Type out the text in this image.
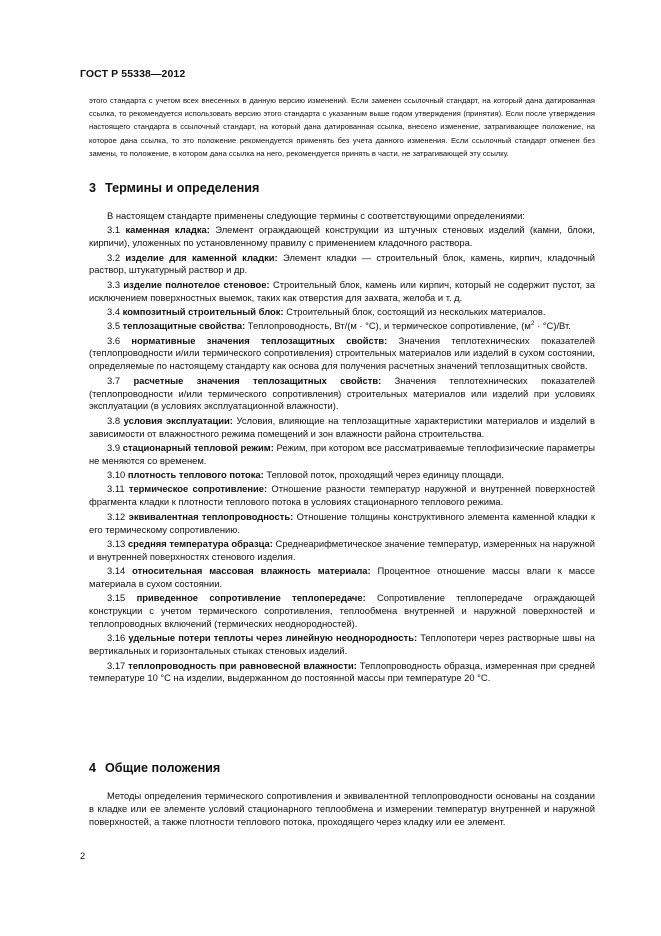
ГОСТ Р 55338—2012

этого стандарта с учетом всех внесенных в данную версию изменений. Если заменен ссылочный стандарт, на который дана датированная ссылка, то рекомендуется использовать версию этого стандарта с указанным выше годом утверждения (принятия). Если после утверждения настоящего стандарта в ссылочный стандарт, на который дана датированная ссылка, внесено изменение, затрагивающее положение, на которое дана ссылка, то это положение рекомендуется применять без учета данного изменения. Если ссылочный стандарт отменен без замены, то положение, в котором дана ссылка на него, рекомендуется принять в части, не затрагивающей эту ссылку.

3 Термины и определения

В настоящем стандарте применены следующие термины с соответствующими определениями:

3.1 каменная кладка: Элемент ограждающей конструкции из штучных стеновых изделий (камни, блоки, кирпичи), уложенных по установленному правилу с применением кладочного раствора.

3.2 изделие для каменной кладки: Элемент кладки — строительный блок, камень, кирпич, кладочный раствор, штукатурный раствор и др.

3.3 изделие полнотелое стеновое: Строительный блок, камень или кирпич, который не содержит пустот, за исключением поверхностных выемок, таких как отверстия для захвата, желоба и т. д.

3.4 композитный строительный блок: Строительный блок, состоящий из нескольких материалов.

3.5 теплозащитные свойства: Теплопроводность, Вт/(м · °С), и термическое сопротивление, $(м^2 \cdot ^\circ С)/Вт$.

3.6 нормативные значения теплозащитных свойств: Значения теплотехнических показателей (теплопроводности и/или термического сопротивления) строительных материалов или изделий в сухом состоянии, определяемые по настоящему стандарту как основа для получения расчетных значений теплозащитных свойств.

3.7 расчетные значения теплозащитных свойств: Значения теплотехнических показателей (теплопроводности и/или термического сопротивления) строительных материалов или изделий при условиях эксплуатации (в условиях эксплуатационной влажности).

3.8 условия эксплуатации: Условия, влияющие на теплозащитные характеристики материалов и изделий в зависимости от влажностного режима помещений и зон влажности района строительства.

3.9 стационарный тепловой режим: Режим, при котором все рассматриваемые теплофизические параметры не меняются со временем.

3.10 плотность теплового потока: Тепловой поток, проходящий через единицу площади.

3.11 термическое сопротивление: Отношение разности температур наружной и внутренней поверхностей фрагмента кладки к плотности теплового потока в условиях стационарного теплового режима.

3.12 эквивалентная теплопроводность: Отношение толщины конструктивного элемента каменной кладки к его термическому сопротивлению.

3.13 средняя температура образца: Среднеарифметическое значение температур, измеренных на наружной и внутренней поверхностях стенового изделия.

3.14 относительная массовая влажность материала: Процентное отношение массы влаги к массе материала в сухом состоянии.

3.15 приведенное сопротивление теплопередаче: Сопротивление теплопередаче ограждающей конструкции с учетом термического сопротивления, теплообмена внутренней и наружной поверхностей и теплопроводных включений (термических неоднородностей).

3.16 удельные потери теплоты через линейную неоднородность: Теплопотери через растворные швы на вертикальных и горизонтальных стыках стеновых изделий.

3.17 теплопроводность при равновесной влажности: Теплопроводность образца, измеренная при средней температуре 10 °С на изделии, выдержанном до постоянной массы при температуре 20 °С.

4 Общие положения

Методы определения термического сопротивления и эквивалентной теплопроводности основаны на создании в кладке или ее элементе условий стационарного теплообмена и измерении температур внутренней и наружной поверхностей, а также плотности теплового потока, проходящего через кладку или ее элемент.

2
